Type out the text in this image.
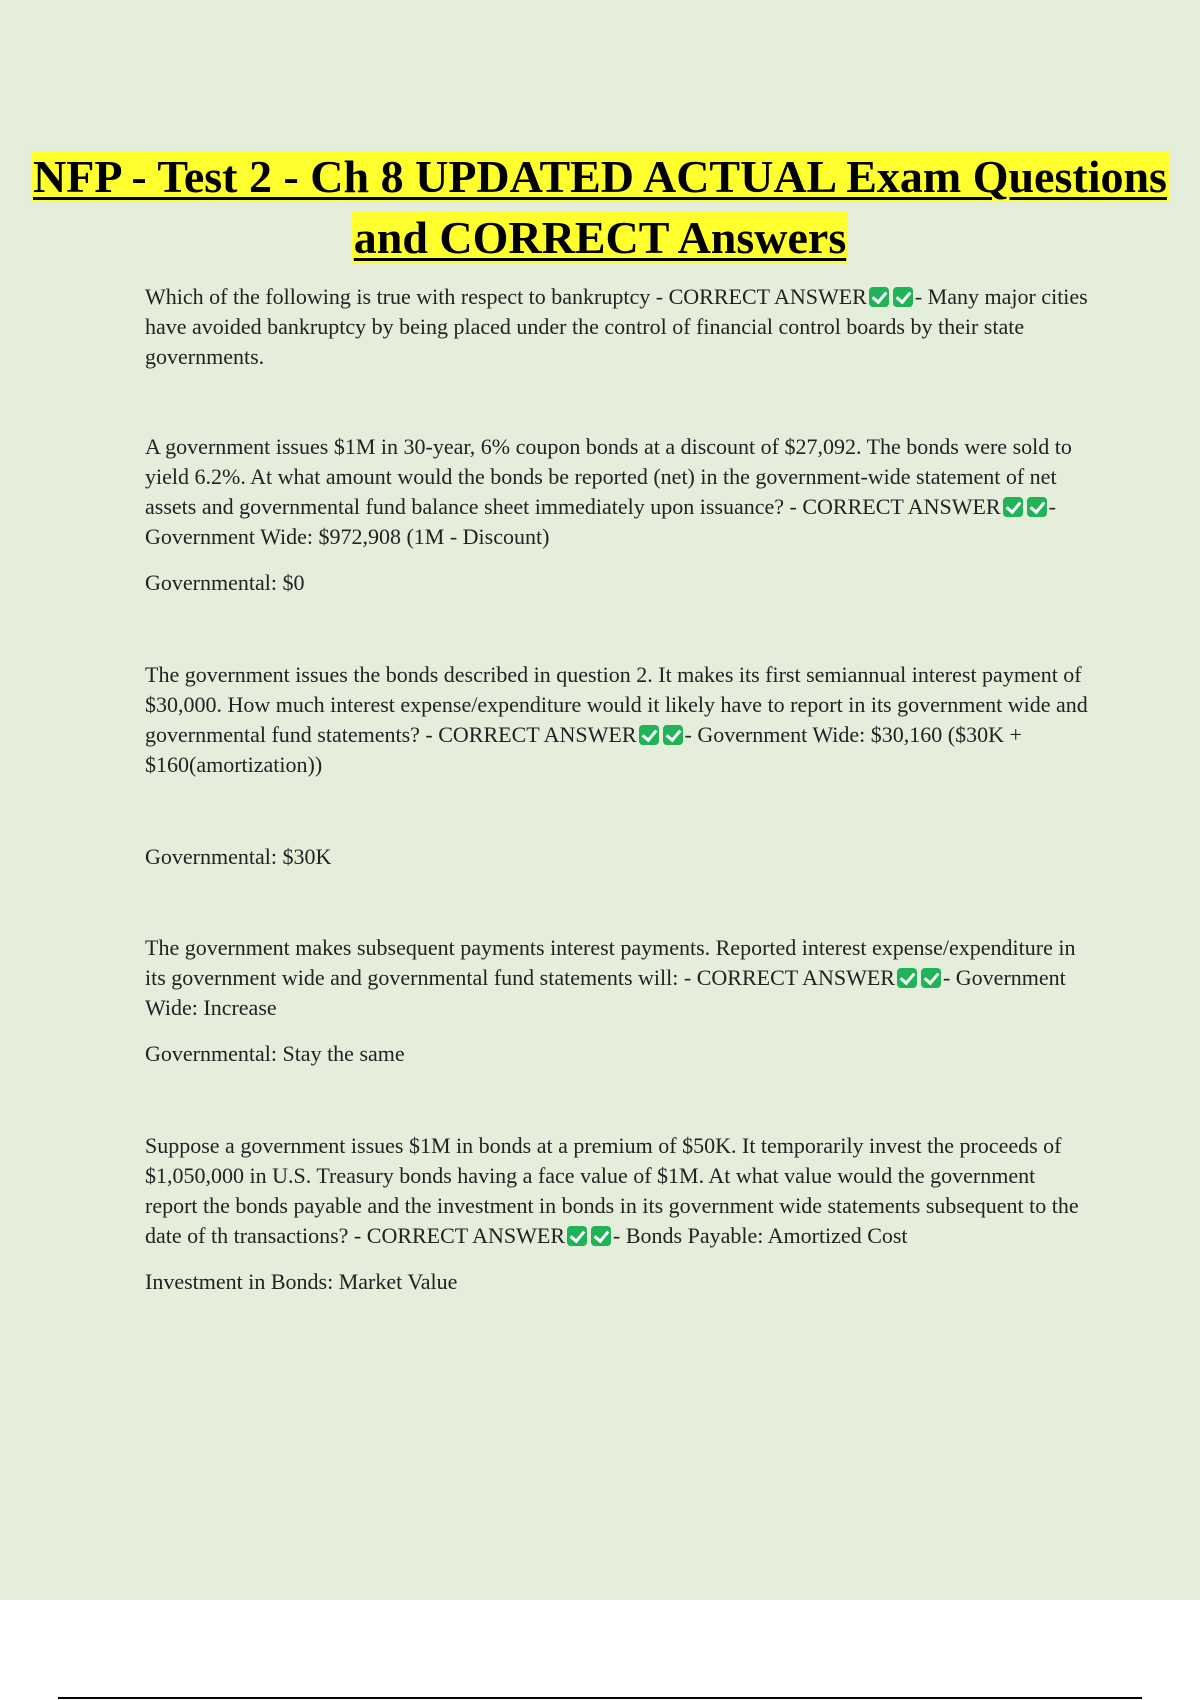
NFP - Test 2 - Ch 8 UPDATED ACTUAL Exam Questions and CORRECT Answers

Which of the following is true with respect to bankruptcy - CORRECT ANSWER - Many major cities have avoided bankruptcy by being placed under the control of financial control boards by their state governments.

A government issues $1M in 30-year, 6% coupon bonds at a discount of $27,092. The bonds were sold to yield 6.2%. At what amount would the bonds be reported (net) in the government-wide statement of net assets and governmental fund balance sheet immediately upon issuance? - CORRECT ANSWER - Government Wide: $972,908 (1M - Discount)

Governmental: $0

The government issues the bonds described in question 2. It makes its first semiannual interest payment of $30,000. How much interest expense/expenditure would it likely have to report in its government wide and governmental fund statements? - CORRECT ANSWER - Government Wide: $30,160 ($30K + $160(amortization))

Governmental: $30K

The government makes subsequent payments interest payments. Reported interest expense/expenditure in its government wide and governmental fund statements will: - CORRECT ANSWER - Government Wide: Increase

Governmental: Stay the same

Suppose a government issues $1M in bonds at a premium of $50K. It temporarily invest the proceeds of $1,050,000 in U.S. Treasury bonds having a face value of $1M. At what value would the government report the bonds payable and the investment in bonds in its government wide statements subsequent to the date of th transactions? - CORRECT ANSWER - Bonds Payable: Amortized Cost

Investment in Bonds: Market Value
